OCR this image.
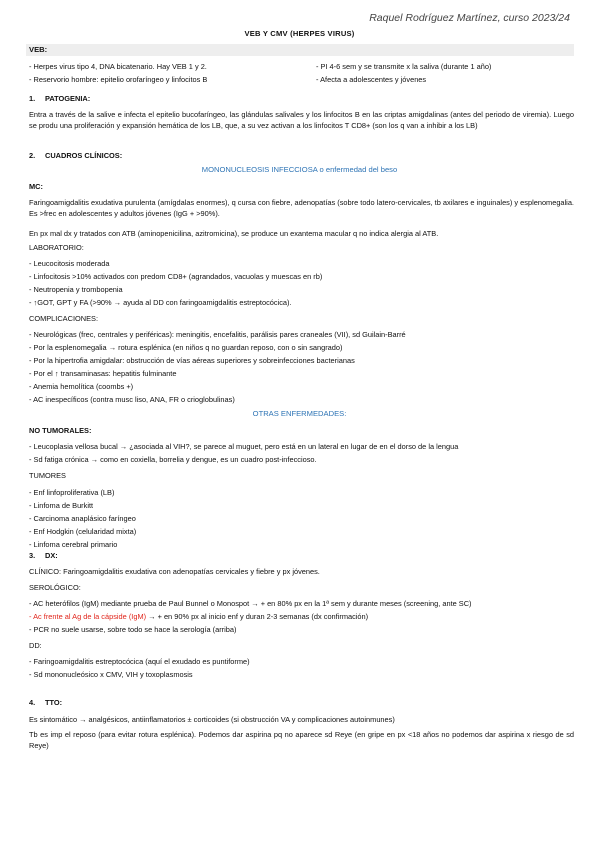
Raquel Rodríguez Martínez, curso 2023/24
VEB Y CMV (HERPES VIRUS)
VEB:
- Herpes virus tipo 4, DNA bicatenario. Hay VEB 1 y 2.
- Reservorio hombre: epitelio orofaríngeo y linfocitos B
- PI 4-6 sem y se transmite x la saliva (durante 1 año)
- Afecta a adolescentes y jóvenes
1. PATOGENIA:
Entra a través de la salive e infecta el epitelio bucofaríngeo, las glándulas salivales y los linfocitos B en las criptas amigdalinas (antes del periodo de viremia). Luego se produ una proliferación y expansión hemática de los LB, que, a su vez activan a los linfocitos T CD8+ (son los q van a inhibir a los LB)
2. CUADROS CLÍNICOS:
MONONUCLEOSIS INFECCIOSA o enfermedad del beso
MC:
Faringoamigdalitis exudativa purulenta (amígdalas enormes), q cursa con fiebre, adenopatías (sobre todo latero-cervicales, tb axilares e inguinales) y esplenomegalia. Es >frec en adolescentes y adultos jóvenes (IgG + >90%).
En px mal dx y tratados con ATB (aminopenicilina, azitromicina), se produce un exantema macular q no indica alergia al ATB.
LABORATORIO:
- Leucocitosis moderada
- Linfocitosis >10% activados con predom CD8+ (agrandados, vacuolas y muescas en rb)
- Neutropenia y trombopenia
- ↑GOT, GPT y FA (>90% → ayuda al DD con faringoamigdalitis estreptocócica).
COMPLICACIONES:
- Neurológicas (frec, centrales y periféricas): meningitis, encefalitis, parálisis pares craneales (VII), sd Guilain-Barré
- Por la esplenomegalia → rotura esplénica (en niños q no guardan reposo, con o sin sangrado)
- Por la hipertrofia amigdalar: obstrucción de vías aéreas superiores y sobreinfecciones bacterianas
- Por el ↑ transaminasas: hepatitis fulminante
- Anemia hemolítica (coombs +)
- AC inespecíficos (contra musc liso, ANA, FR o crioglobulinas)
OTRAS ENFERMEDADES:
NO TUMORALES:
- Leucoplasia vellosa bucal → ¿asociada al VIH?, se parece al muguet, pero está en un lateral en lugar de en el dorso de la lengua
- Sd fatiga crónica → como en coxiella, borrelia y dengue, es un cuadro post-infeccioso.
TUMORES
- Enf linfoproliferativa (LB)
- Linfoma de Burkitt
- Carcinoma anaplásico faríngeo
- Enf Hodgkin (celularidad mixta)
- Linfoma cerebral primario
3. DX:
CLÍNICO: Faringoamigdalitis exudativa con adenopatías cervicales y fiebre y px jóvenes.
SEROLÓGICO:
- AC heterófilos (IgM) mediante prueba de Paul Bunnel o Monospot → + en 80% px en la 1ª sem y durante meses (screening, ante SC)
- Ac frente al Ag de la cápside (IgM) → + en 90% px al inicio enf y duran 2-3 semanas (dx confirmación)
- PCR no suele usarse, sobre todo se hace la serología (arriba)
DD:
- Faringoamigdalitis estreptocócica (aquí el exudado es puntiforme)
- Sd mononucleósico x CMV, VIH y toxoplasmosis
4. TTO:
Es sintomático → analgésicos, antiinflamatorios ± corticoides (si obstrucción VA y complicaciones autoinmunes)
Tb es imp el reposo (para evitar rotura esplénica). Podemos dar aspirina pq no aparece sd Reye (en gripe en px <18 años no podemos dar aspirina x riesgo de sd Reye)
